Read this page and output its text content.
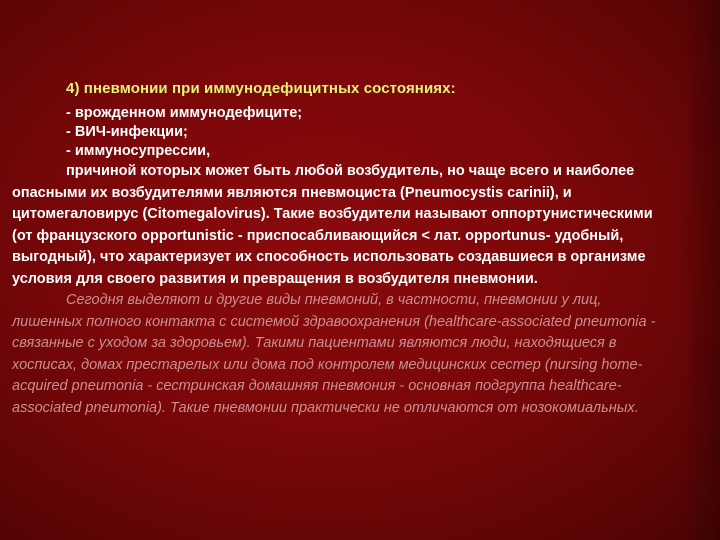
4) пневмонии при иммунодефицитных состояниях:
- врожденном иммунодефиците;
- ВИЧ-инфекции;
- иммуносупрессии,
причиной которых может быть любой возбудитель, но чаще всего и наиболее опасными их возбудителями являются пневмоциста (Pneumocystis carinii), и цитомегаловирус (Citomegalovirus). Такие возбудители называют оппортунистическими (от французского opportunistic - приспосабливающийся < лат. opportunus- удобный, выгодный), что характеризует их способность использовать создавшиеся в организме условия для своего развития и превращения в возбудителя пневмонии.
Сегодня выделяют и другие виды пневмоний, в частности, пневмонии у лиц, лишенных полного контакта с системой здравоохранения (healthcare-associated pneumonia - связанные с уходом за здоровьем). Такими пациентами являются люди, находящиеся в хосписах, домах престарелых или дома под контролем медицинских сестер (nursing home-acquired pneumonia - сестринская домашняя пневмония - основная подгруппа healthcare-associated pneumonia). Такие пневмонии практически не отличаются от нозокомиальных.
